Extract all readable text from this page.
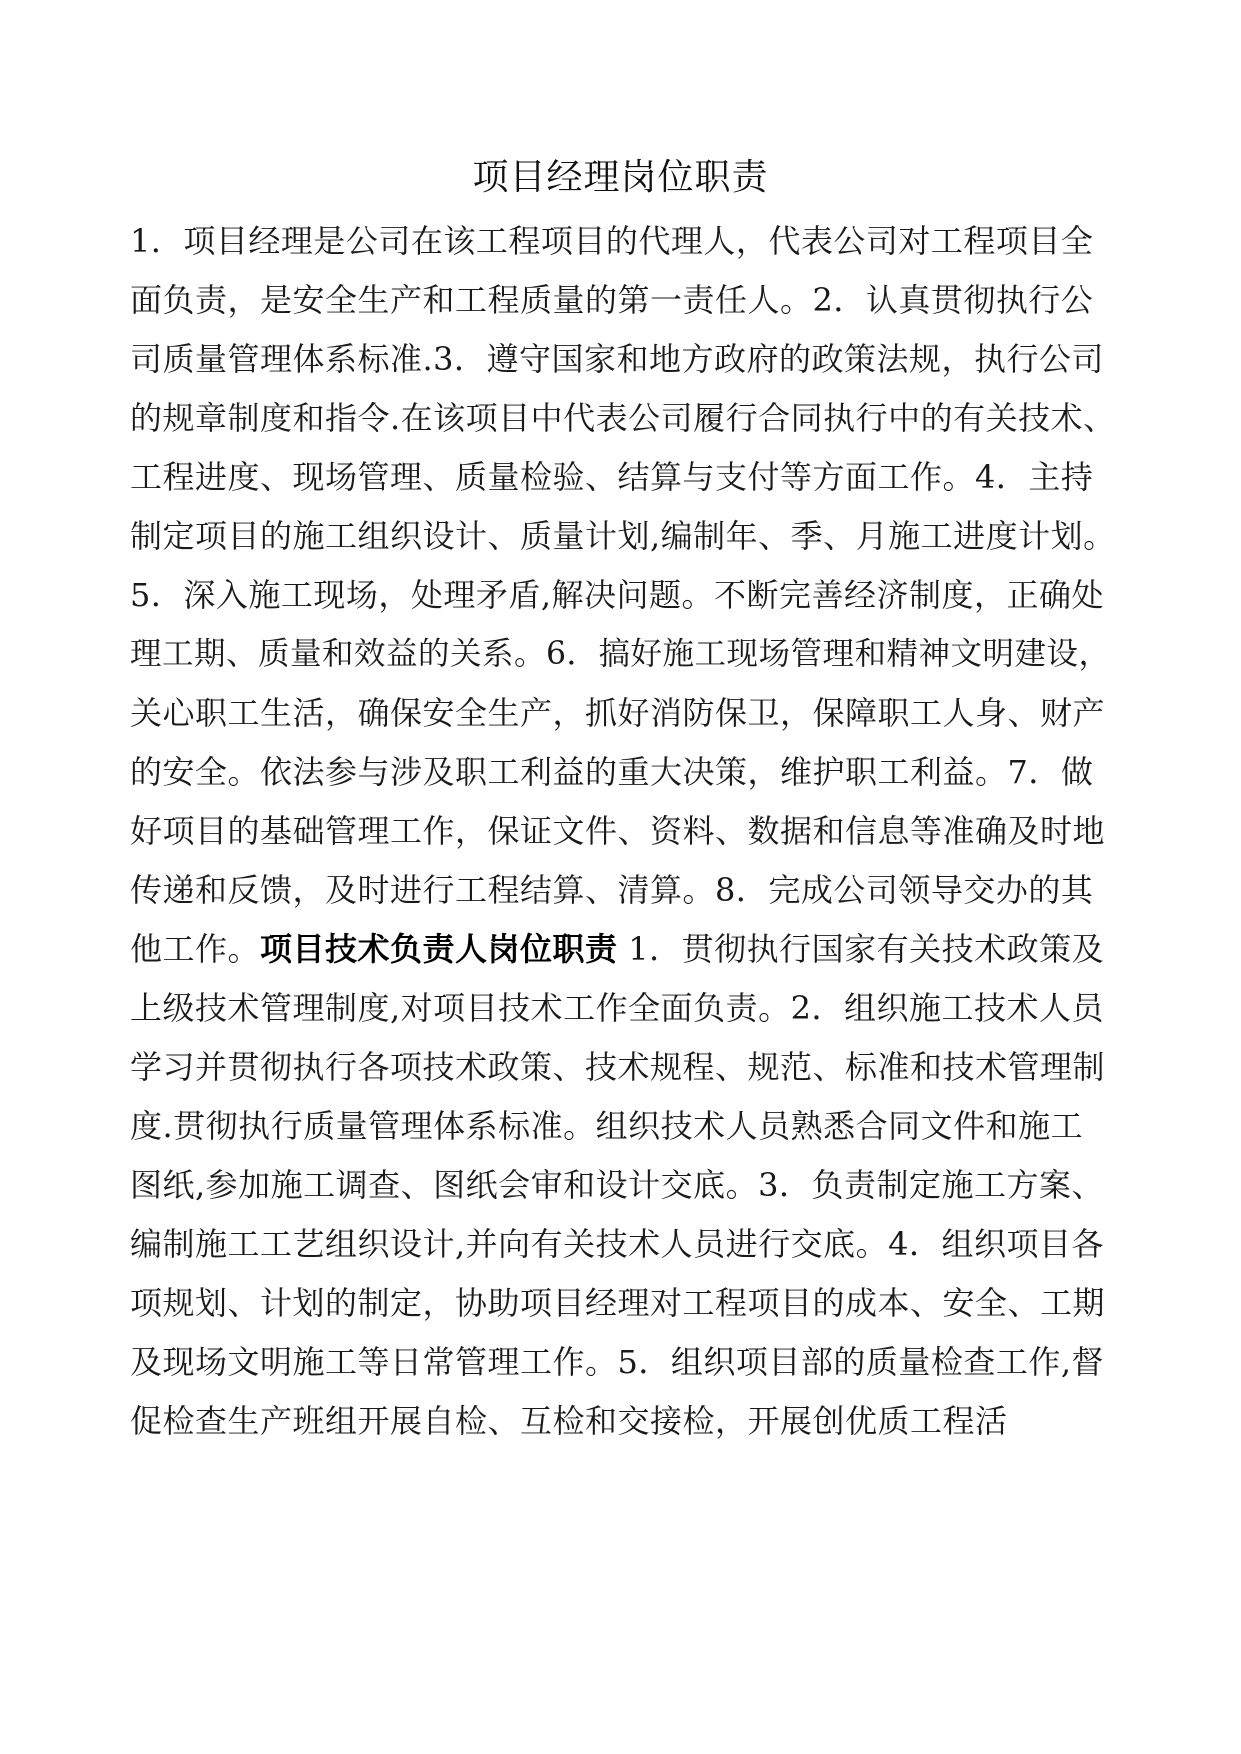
项目经理岗位职责
1．项目经理是公司在该工程项目的代理人，代表公司对工程项目全
面负责，是安全生产和工程质量的第一责任人。2．认真贯彻执行公
司质量管理体系标准.3．遵守国家和地方政府的政策法规，执行公司
的规章制度和指令.在该项目中代表公司履行合同执行中的有关技术、
工程进度、现场管理、质量检验、结算与支付等方面工作。4．主持
制定项目的施工组织设计、质量计划,编制年、季、月施工进度计划。
5．深入施工现场，处理矛盾,解决问题。不断完善经济制度，正确处
理工期、质量和效益的关系。6．搞好施工现场管理和精神文明建设，
关心职工生活，确保安全生产，抓好消防保卫，保障职工人身、财产
的安全。依法参与涉及职工利益的重大决策，维护职工利益。7．做
好项目的基础管理工作，保证文件、资料、数据和信息等准确及时地
传递和反馈，及时进行工程结算、清算。8．完成公司领导交办的其
他工作。项目技术负责人岗位职责 1．贯彻执行国家有关技术政策及
上级技术管理制度,对项目技术工作全面负责。2．组织施工技术人员
学习并贯彻执行各项技术政策、技术规程、规范、标准和技术管理制
度.贯彻执行质量管理体系标准。组织技术人员熟悉合同文件和施工
图纸,参加施工调查、图纸会审和设计交底。3．负责制定施工方案、
编制施工工艺组织设计,并向有关技术人员进行交底。4．组织项目各
项规划、计划的制定，协助项目经理对工程项目的成本、安全、工期
及现场文明施工等日常管理工作。5．组织项目部的质量检查工作,督
促检查生产班组开展自检、互检和交接检，开展创优质工程活
